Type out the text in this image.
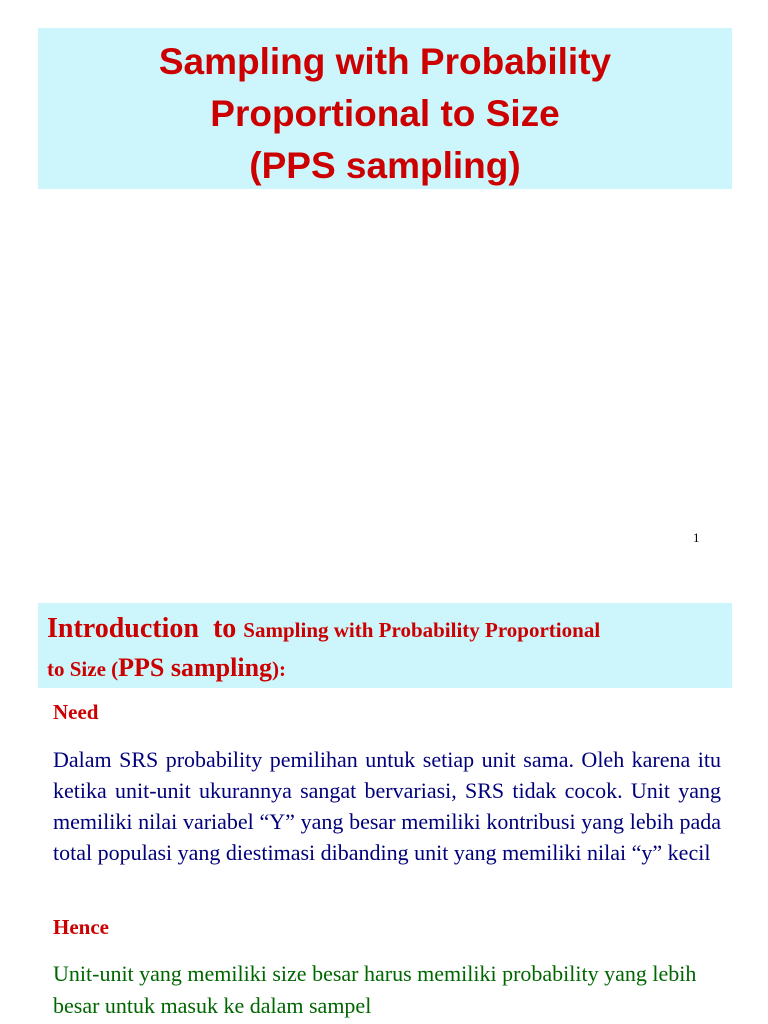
Sampling with Probability
Proportional to Size
(PPS sampling)
1
Introduction to Sampling with Probability Proportional
to Size (PPS sampling):
Need

Dalam SRS probability pemilihan untuk setiap unit sama. Oleh karena itu ketika unit-unit ukurannya sangat bervariasi, SRS tidak cocok. Unit yang memiliki nilai variabel “Y” yang besar memiliki kontribusi yang lebih pada total populasi yang diestimasi dibanding unit yang memiliki nilai “y” kecil

Hence

Unit-unit yang memiliki size besar harus memiliki probability yang lebih besar untuk masuk ke dalam sampel
